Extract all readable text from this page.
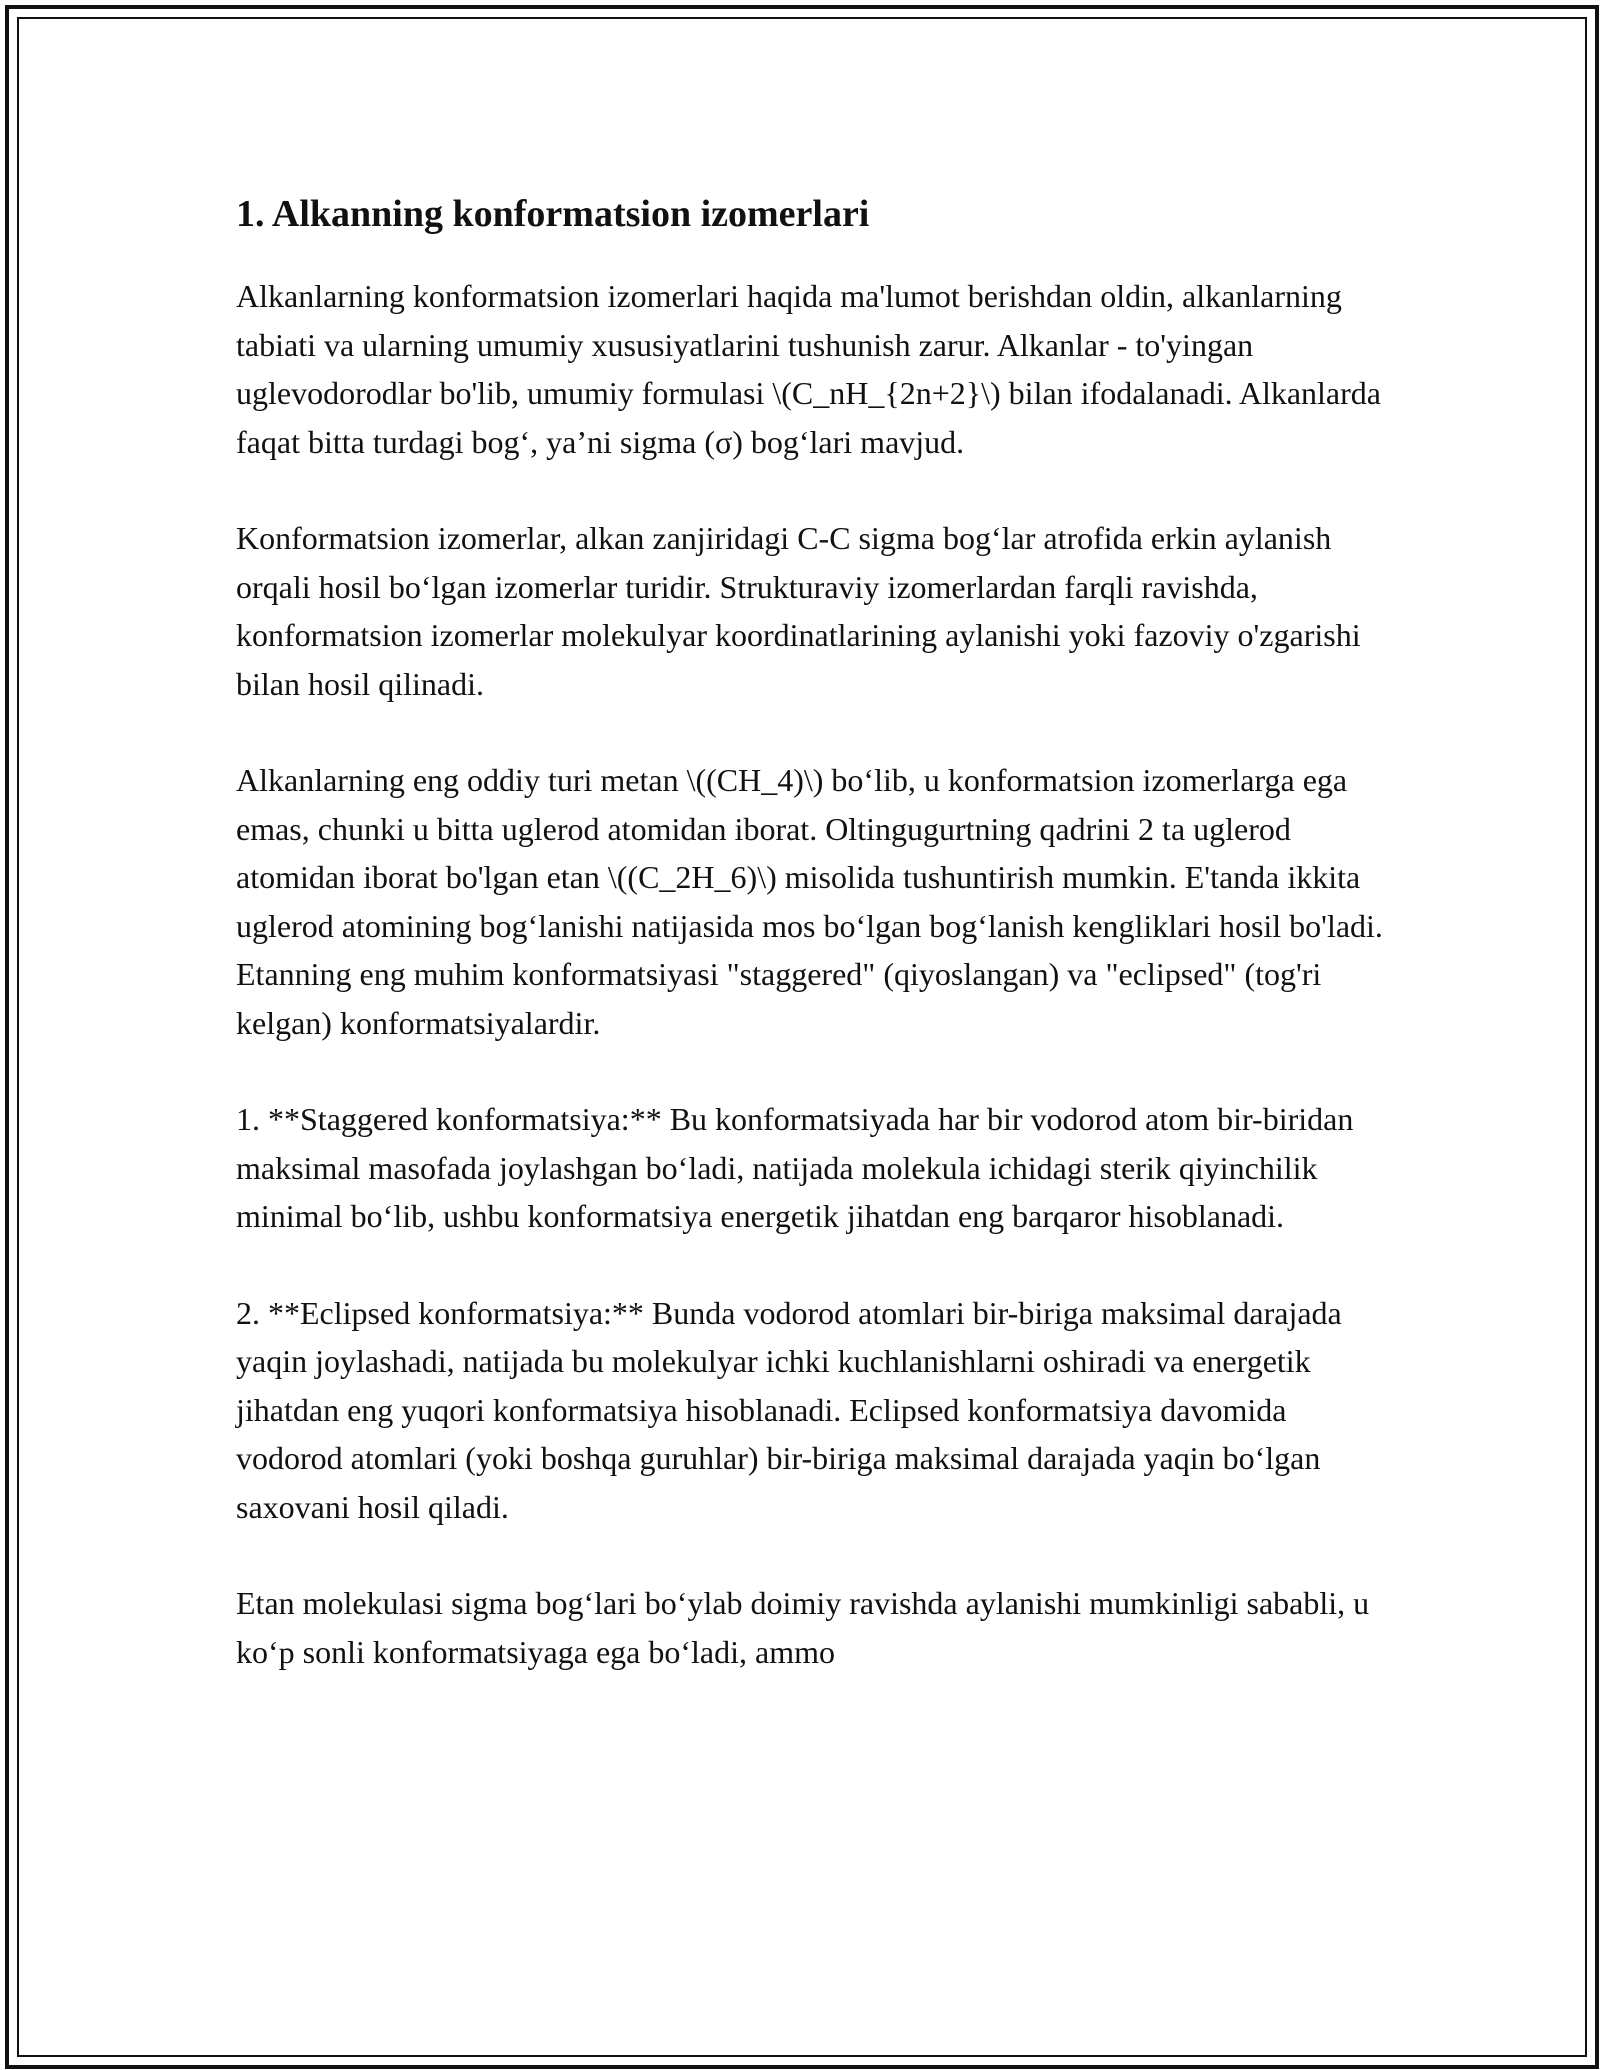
1. Alkanning konformatsion izomerlari

Alkanlarning konformatsion izomerlari haqida ma'lumot berishdan oldin, alkanlarning tabiati va ularning umumiy xususiyatlarini tushunish zarur. Alkanlar - to'yingan uglevodorodlar bo'lib, umumiy formulasi \(C_nH_{2n+2}\) bilan ifodalanadi. Alkanlarda faqat bitta turdagi bog‘, ya’ni sigma (σ) bog‘lari mavjud.

Konformatsion izomerlar, alkan zanjiridagi C-C sigma bog‘lar atrofida erkin aylanish orqali hosil bo‘lgan izomerlar turidir. Strukturaviy izomerlardan farqli ravishda, konformatsion izomerlar molekulyar koordinatlarining aylanishi yoki fazoviy o'zgarishi bilan hosil qilinadi.

Alkanlarning eng oddiy turi metan \((CH_4)\) bo‘lib, u konformatsion izomerlarga ega emas, chunki u bitta uglerod atomidan iborat. Oltingugurtning qadrini 2 ta uglerod atomidan iborat bo'lgan etan \((C_2H_6)\) misolida tushuntirish mumkin. E'tanda ikkita uglerod atomining bog‘lanishi natijasida mos bo‘lgan bog‘lanish kengliklari hosil bo'ladi. Etanning eng muhim konformatsiyasi "staggered" (qiyoslangan) va "eclipsed" (tog'ri kelgan) konformatsiyalardir.

1. **Staggered konformatsiya:** Bu konformatsiyada har bir vodorod atom bir-biridan maksimal masofada joylashgan bo‘ladi, natijada molekula ichidagi sterik qiyinchilik minimal bo‘lib, ushbu konformatsiya energetik jihatdan eng barqaror hisoblanadi.

2. **Eclipsed konformatsiya:** Bunda vodorod atomlari bir-biriga maksimal darajada yaqin joylashadi, natijada bu molekulyar ichki kuchlanishlarni oshiradi va energetik jihatdan eng yuqori konformatsiya hisoblanadi. Eclipsed konformatsiya davomida vodorod atomlari (yoki boshqa guruhlar) bir-biriga maksimal darajada yaqin bo‘lgan saxovani hosil qiladi.

Etan molekulasi sigma bog‘lari bo‘ylab doimiy ravishda aylanishi mumkinligi sababli, u ko‘p sonli konformatsiyaga ega bo‘ladi, ammo
